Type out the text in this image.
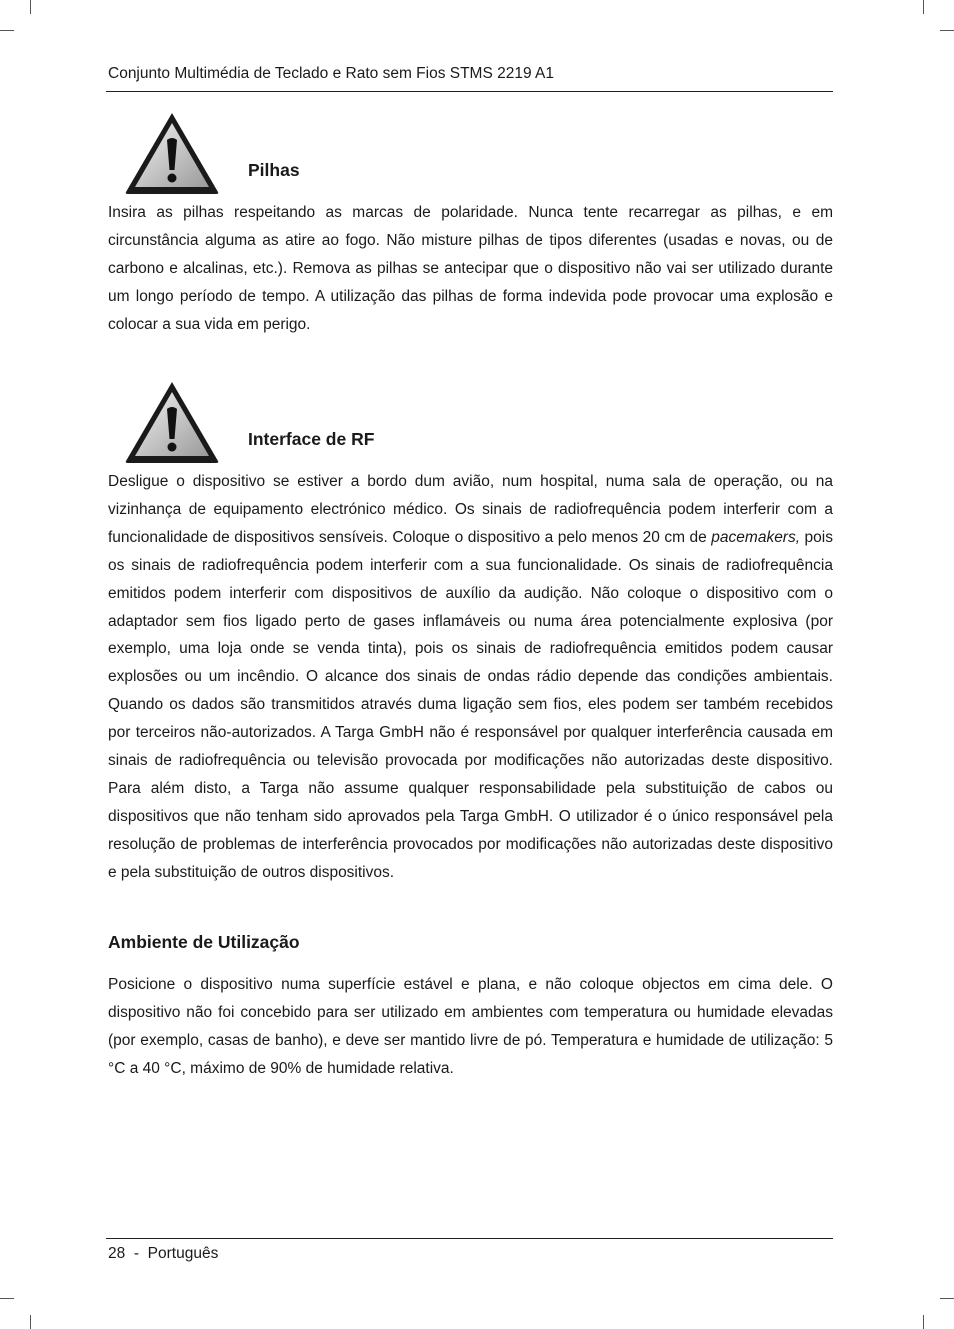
Conjunto Multimédia de Teclado e Rato sem Fios STMS 2219 A1
Pilhas

Insira as pilhas respeitando as marcas de polaridade. Nunca tente recarregar as pilhas, e em circunstância alguma as atire ao fogo. Não misture pilhas de tipos diferentes (usadas e novas, ou de carbono e alcalinas, etc.). Remova as pilhas se antecipar que o dispositivo não vai ser utilizado durante um longo período de tempo. A utilização das pilhas de forma indevida pode provocar uma explosão e colocar a sua vida em perigo.

Interface de RF

Desligue o dispositivo se estiver a bordo dum avião, num hospital, numa sala de operação, ou na vizinhança de equipamento electrónico médico. Os sinais de radiofrequência podem interferir com a funcionalidade de dispositivos sensíveis. Coloque o dispositivo a pelo menos 20 cm de pacemakers, pois os sinais de radiofrequência podem interferir com a sua funcionalidade. Os sinais de radiofrequência emitidos podem interferir com dispositivos de auxílio da audição. Não coloque o dispositivo com o adaptador sem fios ligado perto de gases inflamáveis ou numa área potencialmente explosiva (por exemplo, uma loja onde se venda tinta), pois os sinais de radiofrequência emitidos podem causar explosões ou um incêndio. O alcance dos sinais de ondas rádio depende das condições ambientais. Quando os dados são transmitidos através duma ligação sem fios, eles podem ser também recebidos por terceiros não-autorizados. A Targa GmbH não é responsável por qualquer interferência causada em sinais de radiofrequência ou televisão provocada por modificações não autorizadas deste dispositivo. Para além disto, a Targa não assume qualquer responsabilidade pela substituição de cabos ou dispositivos que não tenham sido aprovados pela Targa GmbH. O utilizador é o único responsável pela resolução de problemas de interferência provocados por modificações não autorizadas deste dispositivo e pela substituição de outros dispositivos.

Ambiente de Utilização

Posicione o dispositivo numa superfície estável e plana, e não coloque objectos em cima dele. O dispositivo não foi concebido para ser utilizado em ambientes com temperatura ou humidade elevadas (por exemplo, casas de banho), e deve ser mantido livre de pó. Temperatura e humidade de utilização: 5 °C a 40 °C, máximo de 90% de humidade relativa.

28 - Português
